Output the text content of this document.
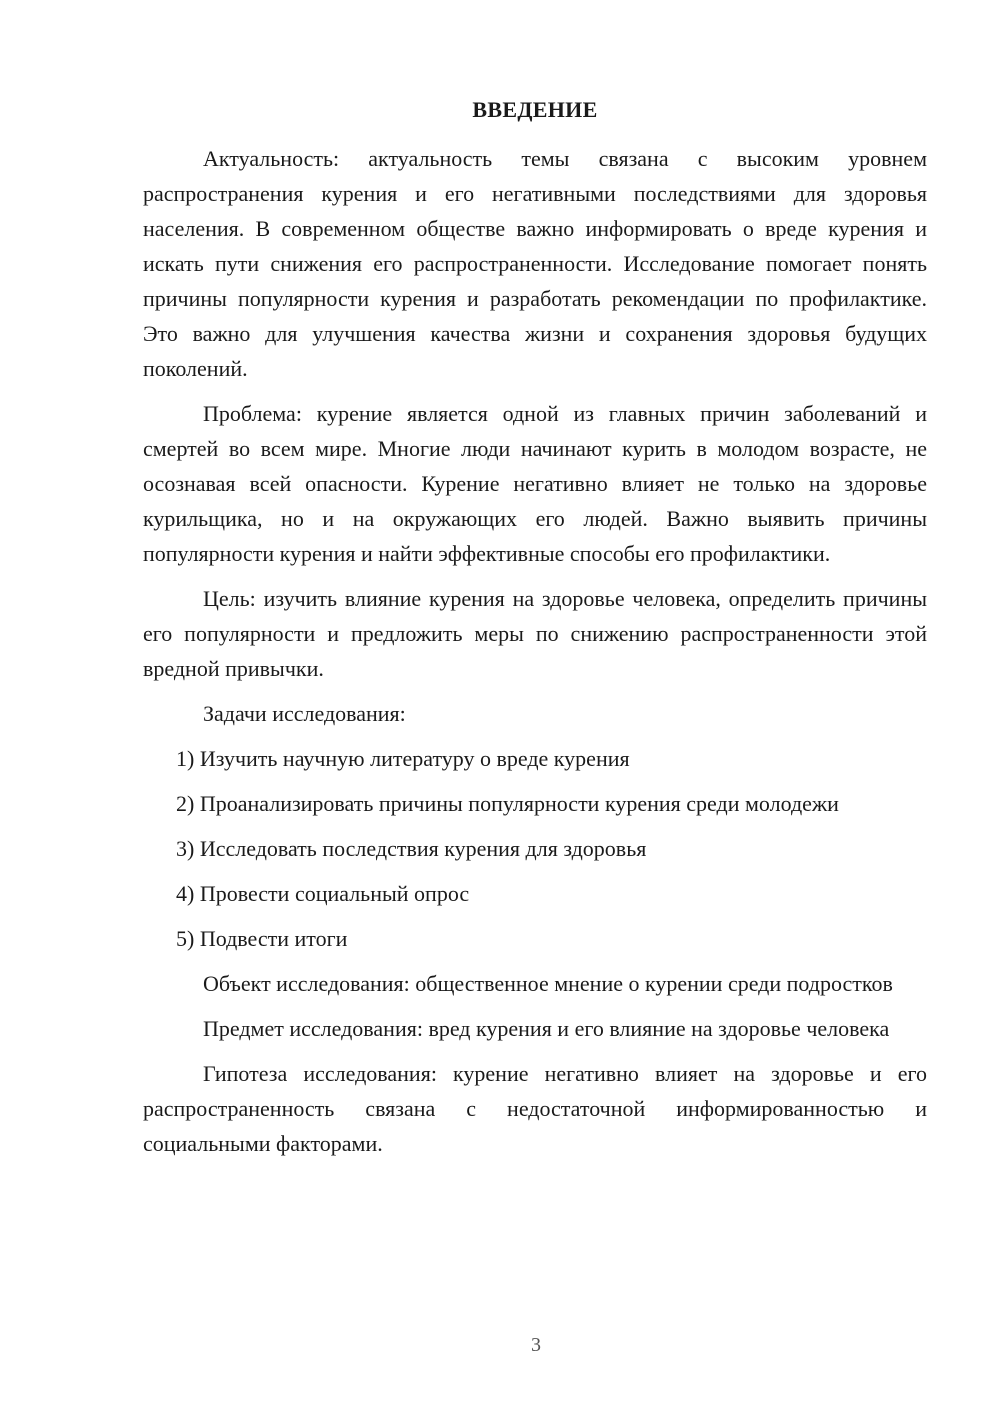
ВВЕДЕНИЕ

Актуальность: актуальность темы связана с высоким уровнем распространения курения и его негативными последствиями для здоровья населения. В современном обществе важно информировать о вреде курения и искать пути снижения его распространенности. Исследование помогает понять причины популярности курения и разработать рекомендации по профилактике. Это важно для улучшения качества жизни и сохранения здоровья будущих поколений.

Проблема: курение является одной из главных причин заболеваний и смертей во всем мире. Многие люди начинают курить в молодом возрасте, не осознавая всей опасности. Курение негативно влияет не только на здоровье курильщика, но и на окружающих его людей. Важно выявить причины популярности курения и найти эффективные способы его профилактики.

Цель: изучить влияние курения на здоровье человека, определить причины его популярности и предложить меры по снижению распространенности этой вредной привычки.

Задачи исследования:

1) Изучить научную литературу о вреде курения
2) Проанализировать причины популярности курения среди молодежи
3) Исследовать последствия курения для здоровья
4) Провести социальный опрос
5) Подвести итоги

Объект исследования: общественное мнение о курении среди подростков

Предмет исследования: вред курения и его влияние на здоровье человека

Гипотеза исследования: курение негативно влияет на здоровье и его распространенность связана с недостаточной информированностью и социальными факторами.

3
